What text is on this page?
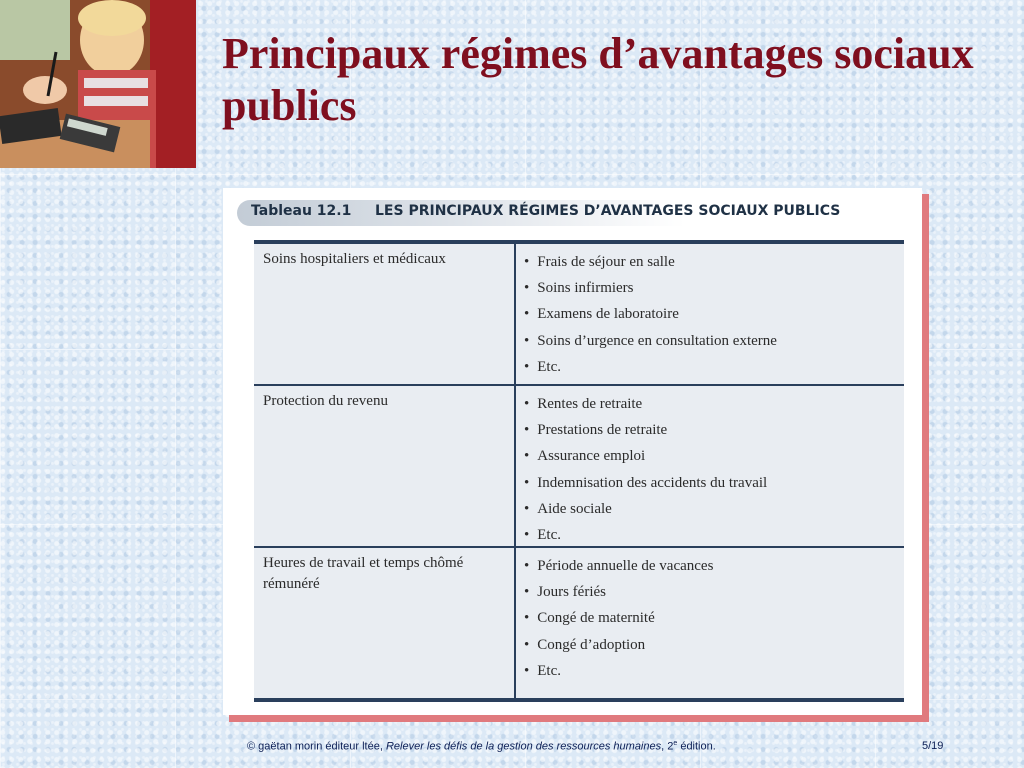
Principaux régimes d’avantages sociaux publics
Tableau 12.1 LES PRINCIPAUX RÉGIMES D’AVANTAGES SOCIAUX PUBLICS
Soins hospitaliers et médicaux	• Frais de séjour en salle
• Soins infirmiers
• Examens de laboratoire
• Soins d’urgence en consultation externe
• Etc.
Protection du revenu	• Rentes de retraite
• Prestations de retraite
• Assurance emploi
• Indemnisation des accidents du travail
• Aide sociale
• Etc.
Heures de travail et temps chômé rémunéré
• Période annuelle de vacances
• Jours fériés
• Congé de maternité
• Congé d’adoption
• Etc.
© gaëtan morin éditeur ltée, Relever les défis de la gestion des ressources humaines, 2e édition.	5/19
